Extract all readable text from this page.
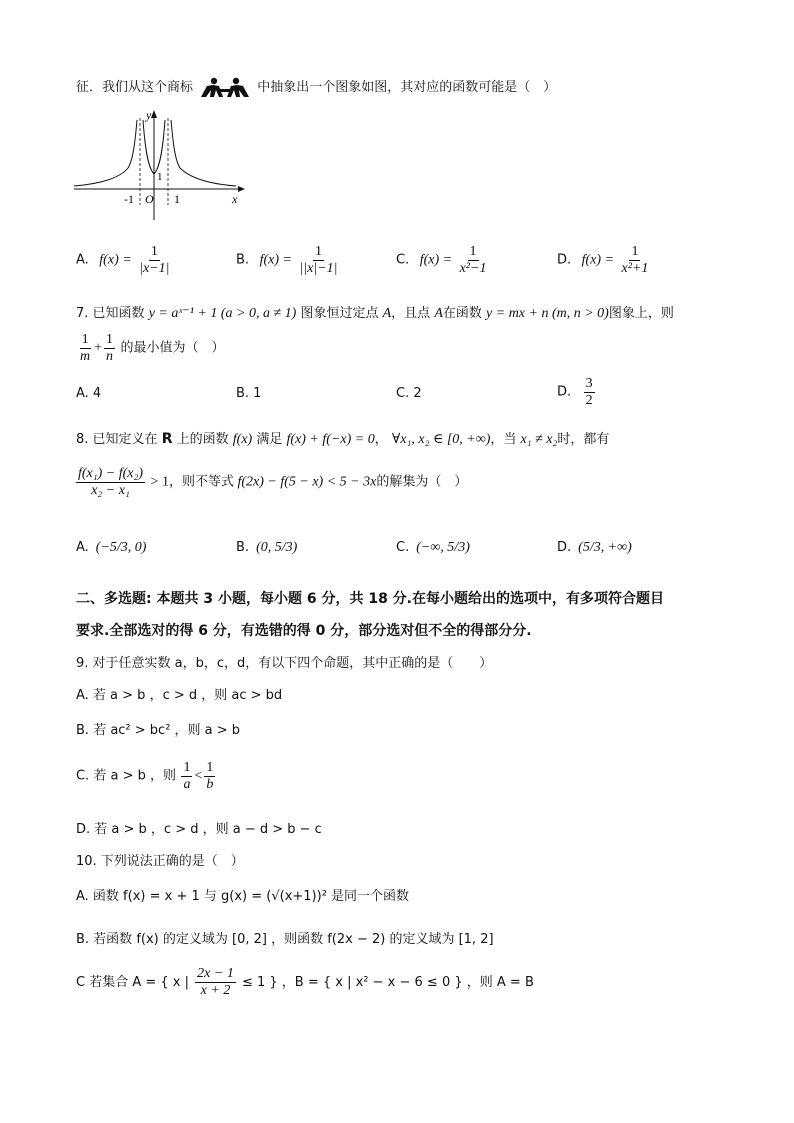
征．我们从这个商标	中抽象出一个图象如图，其对应的函数可能是（　）
y
x
O
-1	1
1
A. $f(x) = \frac{1}{|x-1|}$	B. $f(x) = \frac{1}{||x|-1|}$	C. $f(x) = \frac{1}{\text{x²−1}}$	D. $f(x) = \frac{1}{\text{x²+1}}$
7. 已知函数 y = aˣ⁻¹ + 1 (a > 0, a ≠ 1) 图象恒过定点 A，且点 A在函数 y = mx + n (m, n > 0)图象上，则
$\frac{1}{m} + \frac{1}{n}$ 的最小值为（　）
A. 4	B. 1	C. 2	D. $\frac{3}{2}$
8. 已知定义在 R 上的函数 f(x) 满足 f(x) + f(−x) = 0， ∀x₁, x₂ ∈ [0, +∞)，当 x₁ ≠ x₂时，都有
$\frac{\text{f(x₁) − f(x₂)}}{\text{x₂ − x₁}} > 1$，则不等式 f(2x) − f(5 − x) < 5 − 3x的解集为（　）
A. (−5/3, 0)	B. (0, 5/3)	C. (−∞, 5/3)	D. (5/3, +∞)
二、多选题: 本题共 3 小题，每小题 6 分，共 18 分.在每小题给出的选项中，有多项符合题目
要求.全部选对的得 6 分，有选错的得 0 分，部分选对但不全的得部分分.
9. 对于任意实数 a，b，c，d，有以下四个命题，其中正确的是（　　）
A. 若 a > b ，c > d ，则 ac > bd
B. 若 ac² > bc² ，则 a > b
C. 若 a > b ，则 $\frac{1}{a} < \frac{1}{b}$
D. 若 a > b ，c > d ，则 a − d > b − c
10. 下列说法正确的是（　）
A. 函数 f(x) = x + 1 与 g(x) = (√(x+1))² 是同一个函数
B. 若函数 f(x) 的定义域为 [0, 2] ，则函数 f(2x − 2) 的定义域为 [1, 2]
C 若集合 A = { x | $\frac{2x - 1}{x + 2} \le 1$ } ，B = { x | x² − x − 6 ≤ 0 } ，则 A = B
